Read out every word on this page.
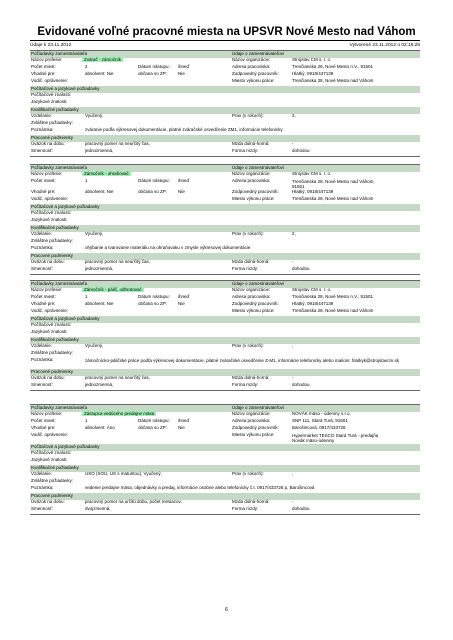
Evidované voľné pracovné miesta na UPSVR Nové Mesto nad Váhom
Údaje k 23.11.2012	Vytvorené 23.11.2012 o 02:16:25
Požiadavky zamestnávateľa	Údaje o zamestnávateľovi
Názov profesie:	Zvárač - zámočník	Názov organizácie:	Strojstav CM s. r. o.
Počet miest:	2	Dátum nástupu: ihneď	Adresa pracoviska:	Trenčianska 28, Nové Mesto n.V., 91501
Vhodné pre:	absolvent: Nie	občana so ZP: Nie	Zodpovedný pracovník:	Hlatký, 0918/447139
Vodič. oprávnenie:	Miesto výkonu práce:	Trenčianska 28, Nové Mesto nad Váhom
Počítačové a jazykové požiadavky
Počítačové znalosti:
Jazykové znalosti:
Kvalifikačné požiadavky
Vzdelanie:	Vyučený,	Prax (v rokoch):	2,
Zvláštne požiadavky:
Poznámka:	zváranie podľa výkresovej dokumentácie, platné zváračské osvedčenie ZM1, informácie telefonicky
Pracovné podmienky
Úväzok na dobu:	pracovný pomer na neurčitý čas,	Mzda dolná-horná:	-
Smennosť:	jednozmenná,	Forma mzdy:	dohodou
Požiadavky zamestnávateľa	Údaje o zamestnávateľovi
Názov profesie:	Zámočník - ohraňovač	Názov organizácie:	Strojstav CM s. r. o.
Počet miest:	1	Dátum nástupu: ihneď	Adresa pracoviska:	Trenčianska 28, Nové Mesto nad Váhom, 91501
Vhodné pre:	absolvent: Nie	občana so ZP: Nie	Zodpovedný pracovník:	Hlatký, 0918/447139
Vodič. oprávnenie:	Miesto výkonu práce:	Trenčianska 28, Nové Mesto nad Váhom
Počítačové a jazykové požiadavky
Počítačové znalosti:
Jazykové znalosti:
Kvalifikačné požiadavky
Vzdelanie:	Vyučený,	Prax (v rokoch):	2,
Zvláštne požiadavky:
Poznámka:	ohýbanie a tvarovanie materiálu na ohraňovaku v zmysle výkresovej dokumentácie
Pracovné podmienky
Úväzok na dobu:	pracovný pomer na neurčitý čas,	Mzda dolná-horná:	-
Smennosť:	jednozmenná,	Forma mzdy:	dohodou
Požiadavky zamestnávateľa	Údaje o zamestnávateľovi
Názov profesie:	Zámočník - pálič, odhrotovač	Názov organizácie:	Strojstav CM s. r. o.
Počet miest:	1	Dátum nástupu: ihneď	Adresa pracoviska:	Trenčianska 28, Nové Mesto n.V., 91501
Vhodné pre:	absolvent: Nie	občana so ZP: Nie	Zodpovedný pracovník:	Hlatký, 0918/447139
Vodič. oprávnenie:	Miesto výkonu práce:	Trenčianska 28, Nové Mesto nad Váhom
Počítačové a jazykové požiadavky
Počítačové znalosti:
Jazykové znalosti:
Kvalifikačné požiadavky
Vzdelanie:	Vyučený,	Prax (v rokoch):	,
Zvláštne požiadavky:
Poznámka:	zámočnícko-páličské práce podľa výkresovej dokumentácie, platné zváračské osvedčenie Z-M1, informácie telefonicky alebo mailom: hlatkyk@strojstavcm.sk
Pracovné podmienky
Úväzok na dobu:	pracovný pomer na neurčitý čas,	Mzda dolná-horná:	-
Smennosť:	jednozmenná,	Forma mzdy:	dohodou
Požiadavky zamestnávateľa	Údaje o zamestnávateľovi
Názov profesie:	Zástupca vedúceho predajne mäsa	Názov organizácie:	NOVÁK mäso - údeniny s.r.o.
Počet miest:	1	Dátum nástupu: ihneď	Adresa pracoviska:	SNP 111, Stará Turá, 91601
Vhodné pre:	absolvent: Áno	občana so ZP: Nie	Zodpovedný pracovník:	Barošincová, 0917/433726
Vodič. oprávnenie:	Miesto výkonu práce:	Hypermarket TESCO Stará Turá - predajňa Novák mäso-údeniny
Počítačové a jazykové požiadavky
Počítačové znalosti:
Jazykové znalosti:
Kvalifikačné požiadavky
Vzdelanie:	USO (SOU, US s maturitou), Vyučený,	Prax (v rokoch):	,
Zvláštne požiadavky:
Poznámka:	vedenie predajne mäsa, objednávky a predaj, informácie osobne alebo telefonicky č.t. 0917/433726 p. Barošincová
Pracovné podmienky
Úväzok na dobu:	pracovný pomer na určitú dobu, počet mesiacov,	Mzda dolná-horná:	-
Smennosť:	dvojzmenná,	Forma mzdy:	dohodou
6
